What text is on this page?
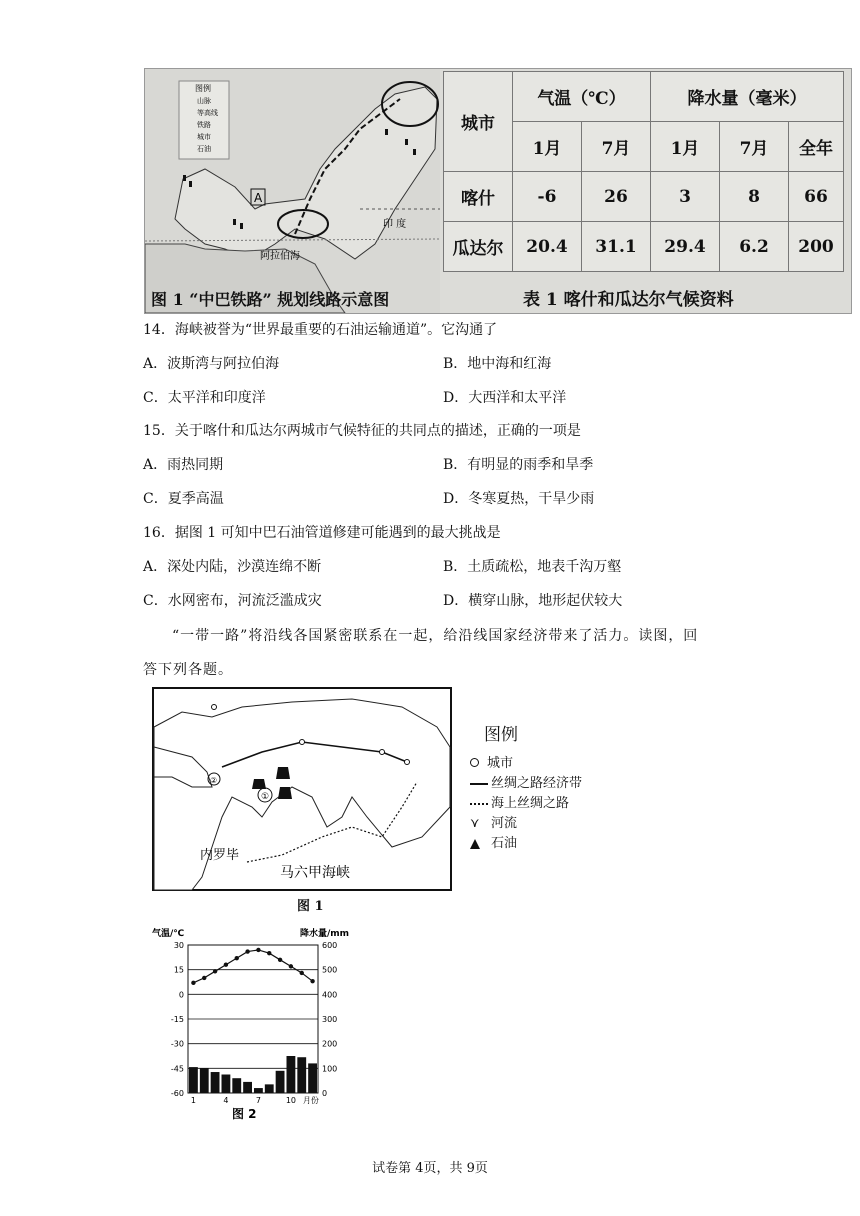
图例
山脉
等高线
铁路
城市
石油
A
印 度
阿拉伯海
城市	气温（℃）		降水量（毫米）		
	1月	7月	1月	7月	全年
喀什	-6	26	3	8	66
瓜达尔	20.4	31.1	29.4	6.2	200
图 1 “中巴铁路” 规划线路示意图	表 1 喀什和瓜达尔气候资料
14．海峡被誉为“世界最重要的石油运输通道”。它沟通了
A．波斯湾与阿拉伯海	B．地中海和红海
C．太平洋和印度洋	D．大西洋和太平洋
15．关于喀什和瓜达尔两城市气候特征的共同点的描述，正确的一项是
A．雨热同期	B．有明显的雨季和旱季
C．夏季高温	D．冬寒夏热，干旱少雨
16．据图 1 可知中巴石油管道修建可能遇到的最大挑战是
A．深处内陆，沙漠连绵不断	B．土质疏松，地表千沟万壑
C．水网密布，河流泛滥成灾	D．横穿山脉，地形起伏较大
“一带一路”将沿线各国紧密联系在一起，给沿线国家经济带来了活力。读图，回
答下列各题。
①
②
内罗毕
马六甲海峡
图 1
图例
城市
丝绸之路经济带
海上丝绸之路
⋎ 河流
石油
气温/℃	降水量/mm
30	600
15	500
0	400
-15	300
-30	200
-45	100
-60	0
1	4	7	10 月份
图 2
试卷第 4页，共 9页
